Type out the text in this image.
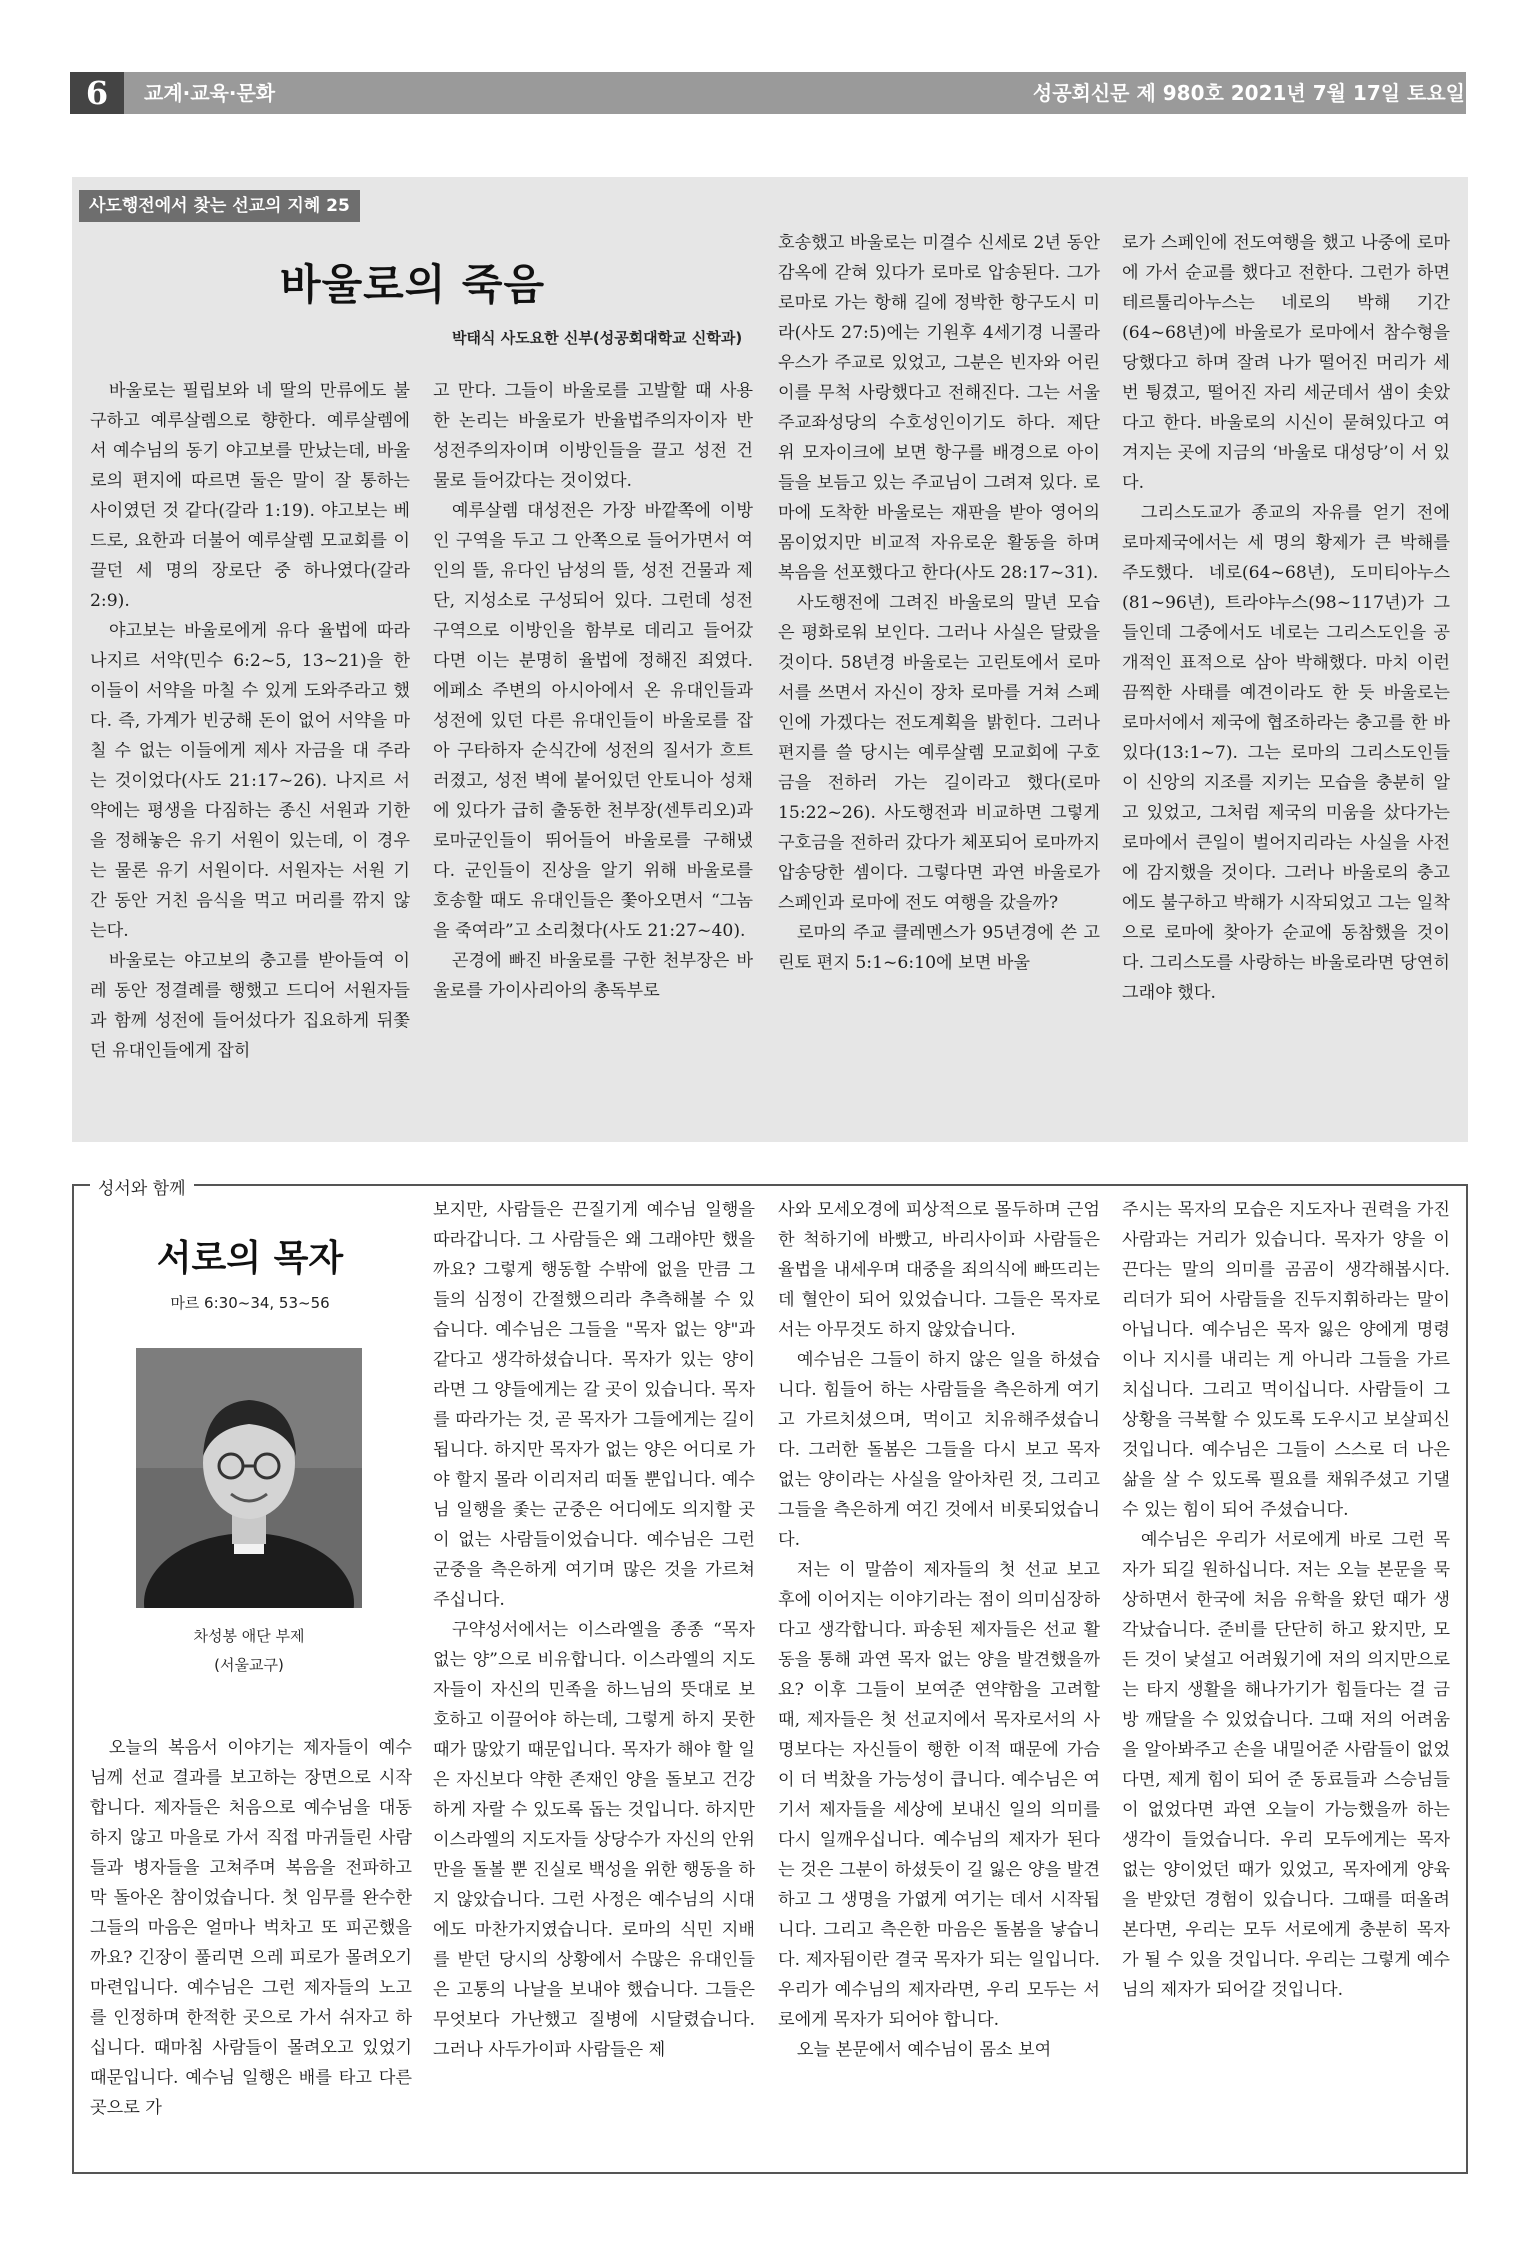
6	교계·교육·문화	성공회신문 제 980호 2021년 7월 17일 토요일
사도행전에서 찾는 선교의 지혜 25
바울로의 죽음
박태식 사도요한 신부(성공회대학교 신학과)

바울로는 필립보와 네 딸의 만류에도 불구하고 예루살렘으로 향한다. 예루살렘에서 예수님의 동기 야고보를 만났는데, 바울로의 편지에 따르면 둘은 말이 잘 통하는 사이였던 것 같다(갈라 1:19). 야고보는 베드로, 요한과 더불어 예루살렘 모교회를 이끌던 세 명의 장로단 중 하나였다(갈라 2:9).

야고보는 바울로에게 유다 율법에 따라 나지르 서약(민수 6:2~5, 13~21)을 한 이들이 서약을 마칠 수 있게 도와주라고 했다. 즉, 가계가 빈궁해 돈이 없어 서약을 마칠 수 없는 이들에게 제사 자금을 대 주라는 것이었다(사도 21:17~26). 나지르 서약에는 평생을 다짐하는 종신 서원과 기한을 정해놓은 유기 서원이 있는데, 이 경우는 물론 유기 서원이다. 서원자는 서원 기간 동안 거친 음식을 먹고 머리를 깎지 않는다.

바울로는 야고보의 충고를 받아들여 이레 동안 정결례를 행했고 드디어 서원자들과 함께 성전에 들어섰다가 집요하게 뒤쫓던 유대인들에게 잡히

고 만다. 그들이 바울로를 고발할 때 사용한 논리는 바울로가 반율법주의자이자 반성전주의자이며 이방인들을 끌고 성전 건물로 들어갔다는 것이었다.

예루살렘 대성전은 가장 바깥쪽에 이방인 구역을 두고 그 안쪽으로 들어가면서 여인의 뜰, 유다인 남성의 뜰, 성전 건물과 제단, 지성소로 구성되어 있다. 그런데 성전 구역으로 이방인을 함부로 데리고 들어갔다면 이는 분명히 율법에 정해진 죄였다. 에페소 주변의 아시아에서 온 유대인들과 성전에 있던 다른 유대인들이 바울로를 잡아 구타하자 순식간에 성전의 질서가 흐트러졌고, 성전 벽에 붙어있던 안토니아 성채에 있다가 급히 출동한 천부장(센투리오)과 로마군인들이 뛰어들어 바울로를 구해냈다. 군인들이 진상을 알기 위해 바울로를 호송할 때도 유대인들은 쫓아오면서 “그놈을 죽여라”고 소리쳤다(사도 21:27~40).

곤경에 빠진 바울로를 구한 천부장은 바울로를 가이사리아의 총독부로

호송했고 바울로는 미결수 신세로 2년 동안 감옥에 갇혀 있다가 로마로 압송된다. 그가 로마로 가는 항해 길에 정박한 항구도시 미라(사도 27:5)에는 기원후 4세기경 니콜라우스가 주교로 있었고, 그분은 빈자와 어린이를 무척 사랑했다고 전해진다. 그는 서울 주교좌성당의 수호성인이기도 하다. 제단 위 모자이크에 보면 항구를 배경으로 아이들을 보듬고 있는 주교님이 그려져 있다. 로마에 도착한 바울로는 재판을 받아 영어의 몸이었지만 비교적 자유로운 활동을 하며 복음을 선포했다고 한다(사도 28:17~31).

사도행전에 그려진 바울로의 말년 모습은 평화로워 보인다. 그러나 사실은 달랐을 것이다. 58년경 바울로는 고린토에서 로마서를 쓰면서 자신이 장차 로마를 거쳐 스페인에 가겠다는 전도계획을 밝힌다. 그러나 편지를 쓸 당시는 예루살렘 모교회에 구호금을 전하러 가는 길이라고 했다(로마 15:22~26). 사도행전과 비교하면 그렇게 구호금을 전하러 갔다가 체포되어 로마까지 압송당한 셈이다. 그렇다면 과연 바울로가 스페인과 로마에 전도 여행을 갔을까?

로마의 주교 클레멘스가 95년경에 쓴 고린토 편지 5:1~6:10에 보면 바울

로가 스페인에 전도여행을 했고 나중에 로마에 가서 순교를 했다고 전한다. 그런가 하면 테르툴리아누스는 네로의 박해 기간(64~68년)에 바울로가 로마에서 참수형을 당했다고 하며 잘려 나가 떨어진 머리가 세 번 튕겼고, 떨어진 자리 세군데서 샘이 솟았다고 한다. 바울로의 시신이 묻혀있다고 여겨지는 곳에 지금의 ‘바울로 대성당’이 서 있다.

그리스도교가 종교의 자유를 얻기 전에 로마제국에서는 세 명의 황제가 큰 박해를 주도했다. 네로(64~68년), 도미티아누스(81~96년), 트라야누스(98~117년)가 그들인데 그중에서도 네로는 그리스도인을 공개적인 표적으로 삼아 박해했다. 마치 이런 끔찍한 사태를 예견이라도 한 듯 바울로는 로마서에서 제국에 협조하라는 충고를 한 바 있다(13:1~7). 그는 로마의 그리스도인들이 신앙의 지조를 지키는 모습을 충분히 알고 있었고, 그처럼 제국의 미움을 샀다가는 로마에서 큰일이 벌어지리라는 사실을 사전에 감지했을 것이다. 그러나 바울로의 충고에도 불구하고 박해가 시작되었고 그는 일착으로 로마에 찾아가 순교에 동참했을 것이다. 그리스도를 사랑하는 바울로라면 당연히 그래야 했다.

성서와 함께
서로의 목자
마르 6:30~34, 53~56
차성봉 애단 부제
(서울교구)

오늘의 복음서 이야기는 제자들이 예수님께 선교 결과를 보고하는 장면으로 시작합니다. 제자들은 처음으로 예수님을 대동하지 않고 마을로 가서 직접 마귀들린 사람들과 병자들을 고쳐주며 복음을 전파하고 막 돌아온 참이었습니다. 첫 임무를 완수한 그들의 마음은 얼마나 벅차고 또 피곤했을까요? 긴장이 풀리면 으레 피로가 몰려오기 마련입니다. 예수님은 그런 제자들의 노고를 인정하며 한적한 곳으로 가서 쉬자고 하십니다. 때마침 사람들이 몰려오고 있었기 때문입니다. 예수님 일행은 배를 타고 다른 곳으로 가

보지만, 사람들은 끈질기게 예수님 일행을 따라갑니다. 그 사람들은 왜 그래야만 했을까요? 그렇게 행동할 수밖에 없을 만큼 그들의 심정이 간절했으리라 추측해볼 수 있습니다. 예수님은 그들을 "목자 없는 양"과 같다고 생각하셨습니다. 목자가 있는 양이라면 그 양들에게는 갈 곳이 있습니다. 목자를 따라가는 것, 곧 목자가 그들에게는 길이 됩니다. 하지만 목자가 없는 양은 어디로 가야 할지 몰라 이리저리 떠돌 뿐입니다. 예수님 일행을 좇는 군중은 어디에도 의지할 곳이 없는 사람들이었습니다. 예수님은 그런 군중을 측은하게 여기며 많은 것을 가르쳐주십니다.

구약성서에서는 이스라엘을 종종 “목자 없는 양”으로 비유합니다. 이스라엘의 지도자들이 자신의 민족을 하느님의 뜻대로 보호하고 이끌어야 하는데, 그렇게 하지 못한 때가 많았기 때문입니다. 목자가 해야 할 일은 자신보다 약한 존재인 양을 돌보고 건강하게 자랄 수 있도록 돕는 것입니다. 하지만 이스라엘의 지도자들 상당수가 자신의 안위만을 돌볼 뿐 진실로 백성을 위한 행동을 하지 않았습니다. 그런 사정은 예수님의 시대에도 마찬가지였습니다. 로마의 식민 지배를 받던 당시의 상황에서 수많은 유대인들은 고통의 나날을 보내야 했습니다. 그들은 무엇보다 가난했고 질병에 시달렸습니다. 그러나 사두가이파 사람들은 제

사와 모세오경에 피상적으로 몰두하며 근엄한 척하기에 바빴고, 바리사이파 사람들은 율법을 내세우며 대중을 죄의식에 빠뜨리는 데 혈안이 되어 있었습니다. 그들은 목자로서는 아무것도 하지 않았습니다.

예수님은 그들이 하지 않은 일을 하셨습니다. 힘들어 하는 사람들을 측은하게 여기고 가르치셨으며, 먹이고 치유해주셨습니다. 그러한 돌봄은 그들을 다시 보고 목자 없는 양이라는 사실을 알아차린 것, 그리고 그들을 측은하게 여긴 것에서 비롯되었습니다.

저는 이 말씀이 제자들의 첫 선교 보고 후에 이어지는 이야기라는 점이 의미심장하다고 생각합니다. 파송된 제자들은 선교 활동을 통해 과연 목자 없는 양을 발견했을까요? 이후 그들이 보여준 연약함을 고려할 때, 제자들은 첫 선교지에서 목자로서의 사명보다는 자신들이 행한 이적 때문에 가슴이 더 벅찼을 가능성이 큽니다. 예수님은 여기서 제자들을 세상에 보내신 일의 의미를 다시 일깨우십니다. 예수님의 제자가 된다는 것은 그분이 하셨듯이 길 잃은 양을 발견하고 그 생명을 가엾게 여기는 데서 시작됩니다. 그리고 측은한 마음은 돌봄을 낳습니다. 제자됨이란 결국 목자가 되는 일입니다. 우리가 예수님의 제자라면, 우리 모두는 서로에게 목자가 되어야 합니다.

오늘 본문에서 예수님이 몸소 보여

주시는 목자의 모습은 지도자나 권력을 가진 사람과는 거리가 있습니다. 목자가 양을 이끈다는 말의 의미를 곰곰이 생각해봅시다. 리더가 되어 사람들을 진두지휘하라는 말이 아닙니다. 예수님은 목자 잃은 양에게 명령이나 지시를 내리는 게 아니라 그들을 가르치십니다. 그리고 먹이십니다. 사람들이 그 상황을 극복할 수 있도록 도우시고 보살피신 것입니다. 예수님은 그들이 스스로 더 나은 삶을 살 수 있도록 필요를 채워주셨고 기댈 수 있는 힘이 되어 주셨습니다.

예수님은 우리가 서로에게 바로 그런 목자가 되길 원하십니다. 저는 오늘 본문을 묵상하면서 한국에 처음 유학을 왔던 때가 생각났습니다. 준비를 단단히 하고 왔지만, 모든 것이 낯설고 어려웠기에 저의 의지만으로는 타지 생활을 해나가기가 힘들다는 걸 금방 깨달을 수 있었습니다. 그때 저의 어려움을 알아봐주고 손을 내밀어준 사람들이 없었다면, 제게 힘이 되어 준 동료들과 스승님들이 없었다면 과연 오늘이 가능했을까 하는 생각이 들었습니다. 우리 모두에게는 목자 없는 양이었던 때가 있었고, 목자에게 양육을 받았던 경험이 있습니다. 그때를 떠올려본다면, 우리는 모두 서로에게 충분히 목자가 될 수 있을 것입니다. 우리는 그렇게 예수님의 제자가 되어갈 것입니다.
